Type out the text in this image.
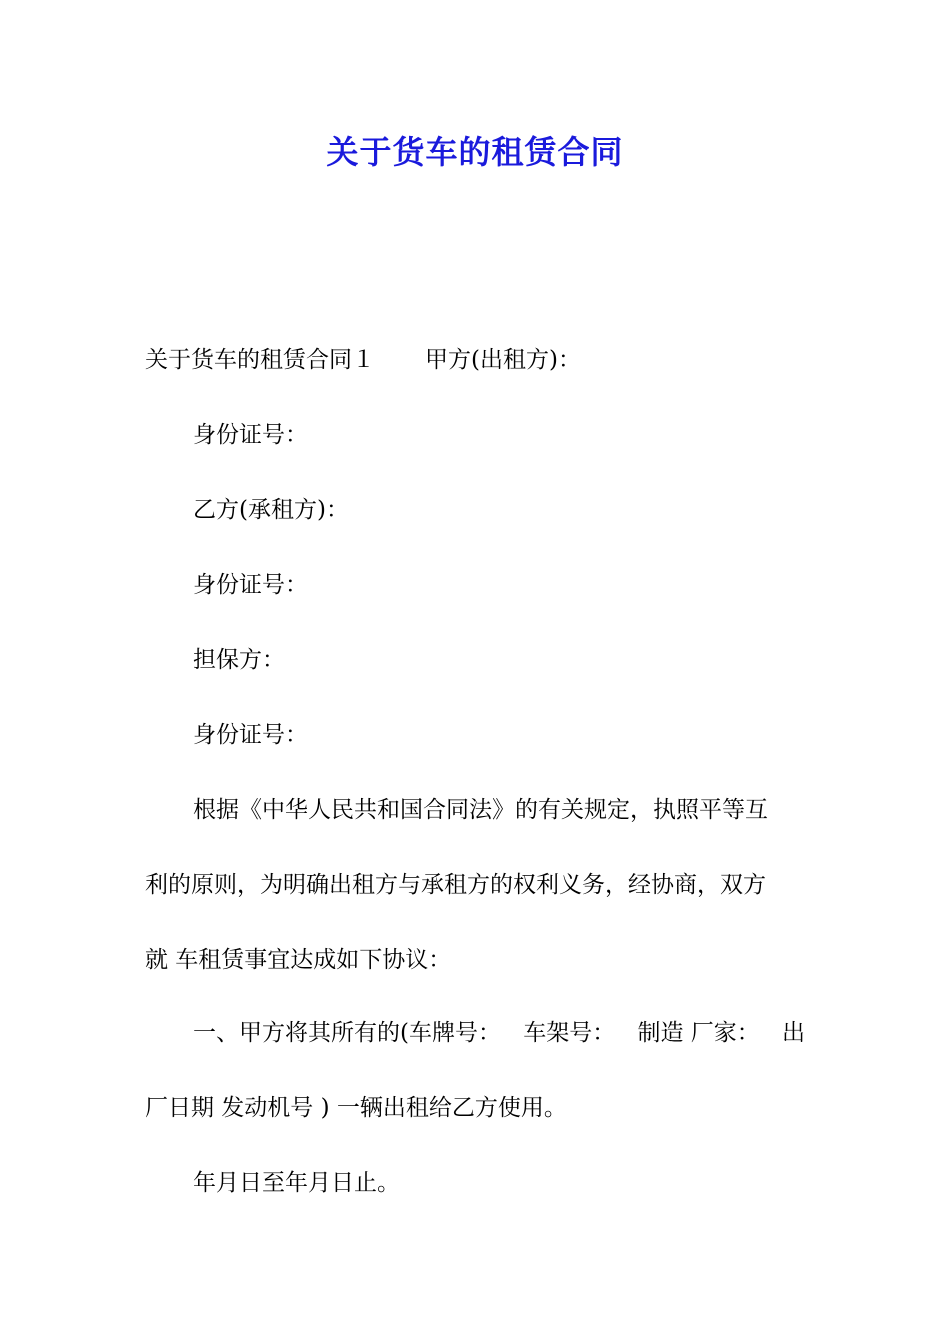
关于货车的租赁合同
关于货车的租赁合同１ 甲方(出租方)：
身份证号：
乙方(承租方)：
身份证号：
担保方：
身份证号：
根据《中华人民共和国合同法》的有关规定，执照平等互
利的原则，为明确出租方与承租方的权利义务，经协商，双方
就 车租赁事宜达成如下协议：
一、甲方将其所有的(车牌号： 车架号： 制造 厂家： 出
厂日期 发动机号 ) 一辆出租给乙方使用。
年月日至年月日止。
